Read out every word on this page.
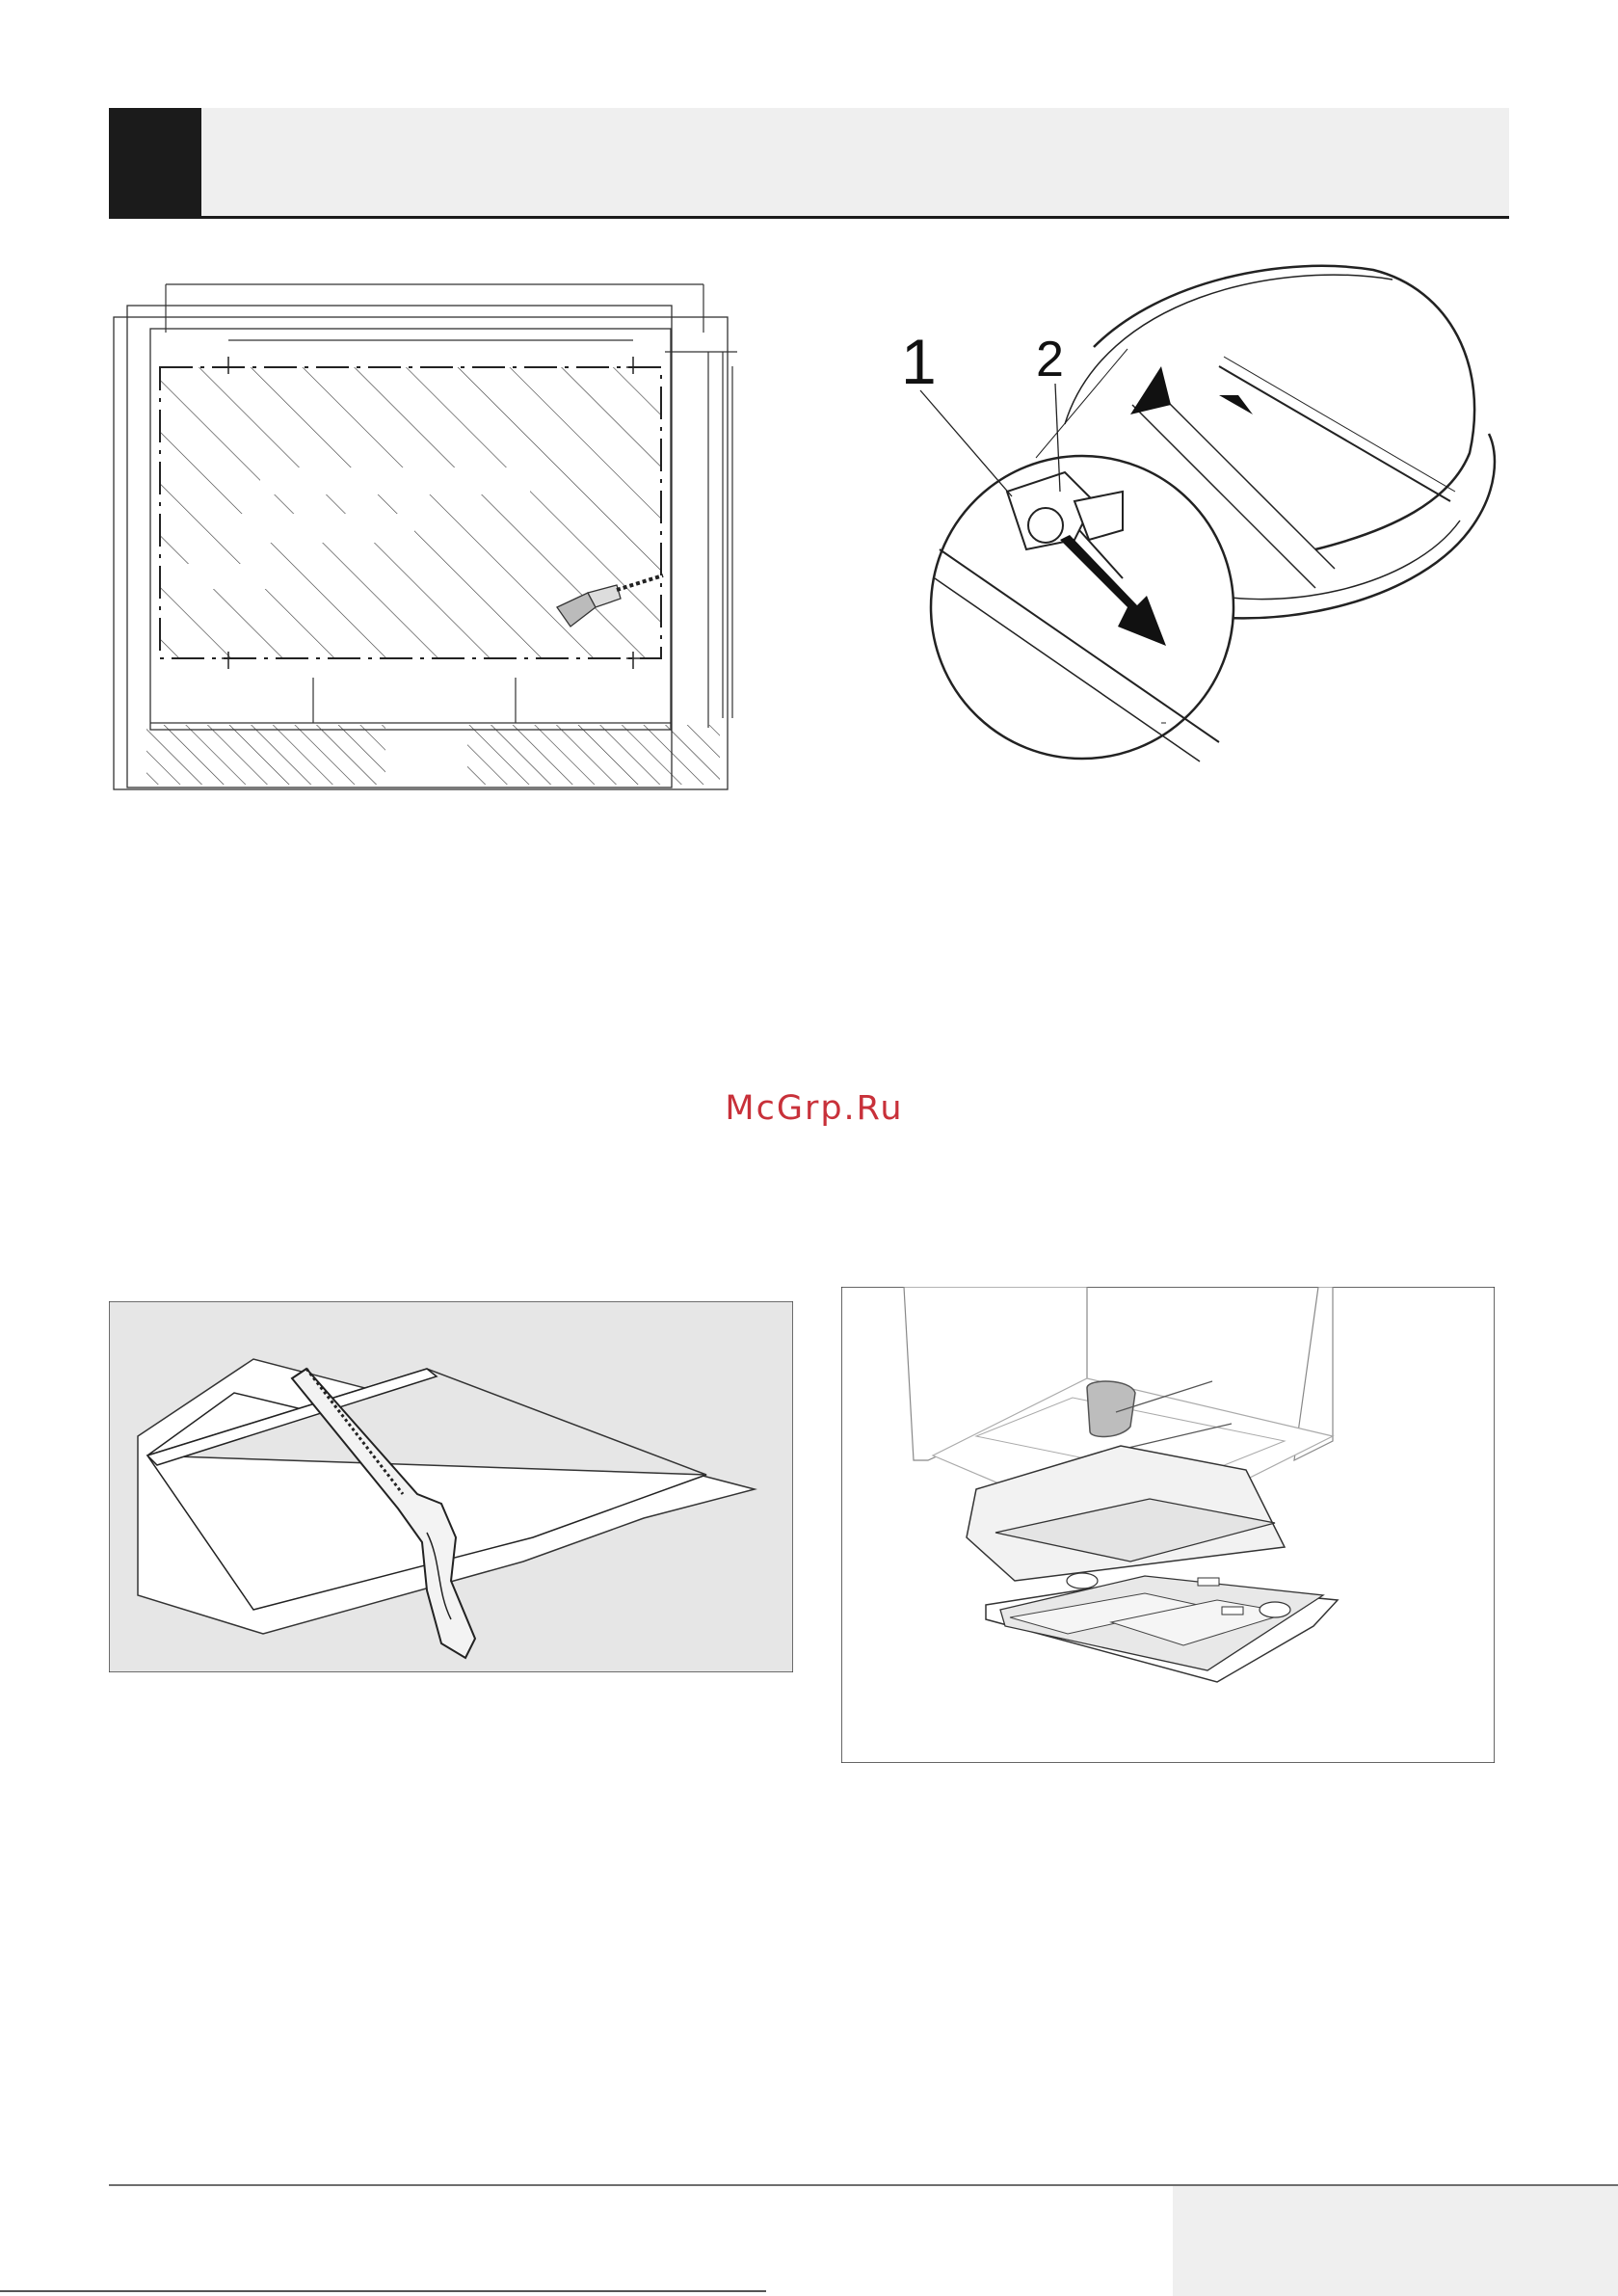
1 2
McGrp.Ru
